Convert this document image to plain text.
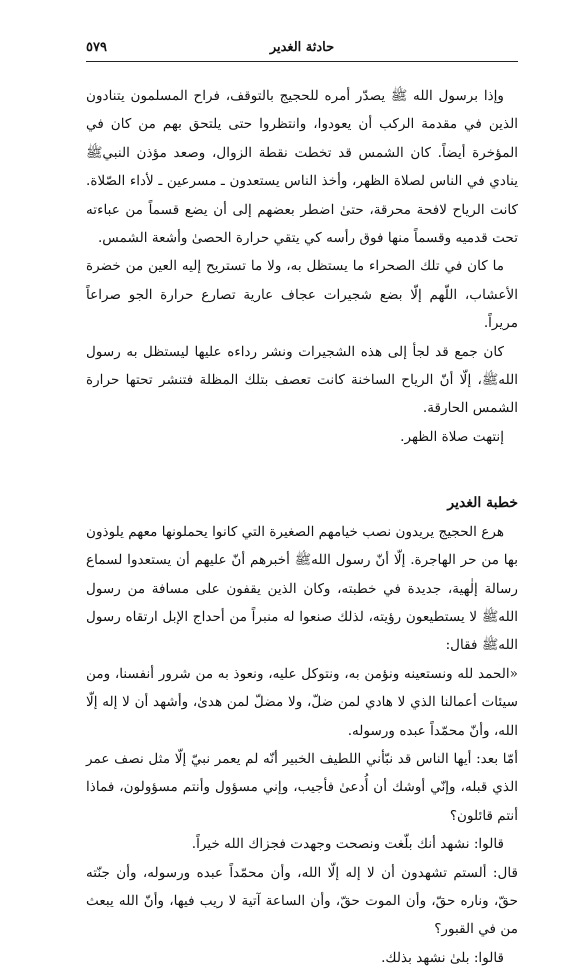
٥٧٩	حادثة الغدير

وإذا برسول الله ﷺ يصدّر أمره للحجيج بالتوقف، فراح المسلمون يتنادون الذين في مقدمة الركب أن يعودوا، وانتظروا حتى يلتحق بهم من كان في المؤخرة أيضاً. كان الشمس قد تخطت نقطة الزوال، وصعد مؤذن النبيﷺ ينادي في الناس لصلاة الظهر، وأخذ الناس يستعدون ـ مسرعين ـ لأداء الصّلاة. كانت الرياح لافحة محرقة، حتىٰ اضطر بعضهم إلى أن يضع قسماً من عباءته تحت قدميه وقسماً منها فوق رأسه كي يتقي حرارة الحصىٰ وأشعة الشمس.

ما كان في تلك الصحراء ما يستظل به، ولا ما تستريح إليه العين من خضرة الأعشاب، اللّهم إلّا بضع شجيرات عجاف عارية تصارع حرارة الجو صراعاً مريراً.

كان جمع قد لجأ إلى هذه الشجيرات ونشر رداءه عليها ليستظل به رسول اللهﷺ، إلّا أنّ الرياح الساخنة كانت تعصف بتلك المظلة فتنشر تحتها حرارة الشمس الحارقة.

إنتهت صلاة الظهر.

خطبة الغدير

هرع الحجيج يريدون نصب خيامهم الصغيرة التي كانوا يحملونها معهم يلوذون بها من حر الهاجرة. إلّا أنّ رسول اللهﷺ أخبرهم أنّ عليهم أن يستعدوا لسماع رسالة إلٰهية، جديدة في خطبته، وكان الذين يقفون على مسافة من رسول اللهﷺ لا يستطيعون رؤيته، لذلك صنعوا له منبراً من أحداج الإبل ارتقاه رسول اللهﷺ فقال:

«الحمد لله ونستعينه ونؤمن به، ونتوكل عليه، ونعوذ به من شرور أنفسنا، ومن سيئات أعمالنا الذي لا هادي لمن ضلّ، ولا مضلّ لمن هدىٰ، وأشهد أن لا إله إلّا الله، وأنّ محمّداً عبده ورسوله.

أمّا بعد: أيها الناس قد نبّأني اللطيف الخبير أنّه لم يعمر نبيّ إلّا مثل نصف عمر الذي قبله، وإنّي أوشك أن أُدعىٰ فأجيب، وإني مسؤول وأنتم مسؤولون، فماذا أنتم قائلون؟

قالوا: نشهد أنك بلّغت ونصحت وجهدت فجزاك الله خيراً.

قال: ألستم تشهدون أن لا إله إلّا الله، وأن محمّداً عبده ورسوله، وأن جنّته حقّ، وناره حقّ، وأن الموت حقّ، وأن الساعة آتية لا ريب فيها، وأنّ الله يبعث من في القبور؟

قالوا: بلىٰ نشهد بذلك.
